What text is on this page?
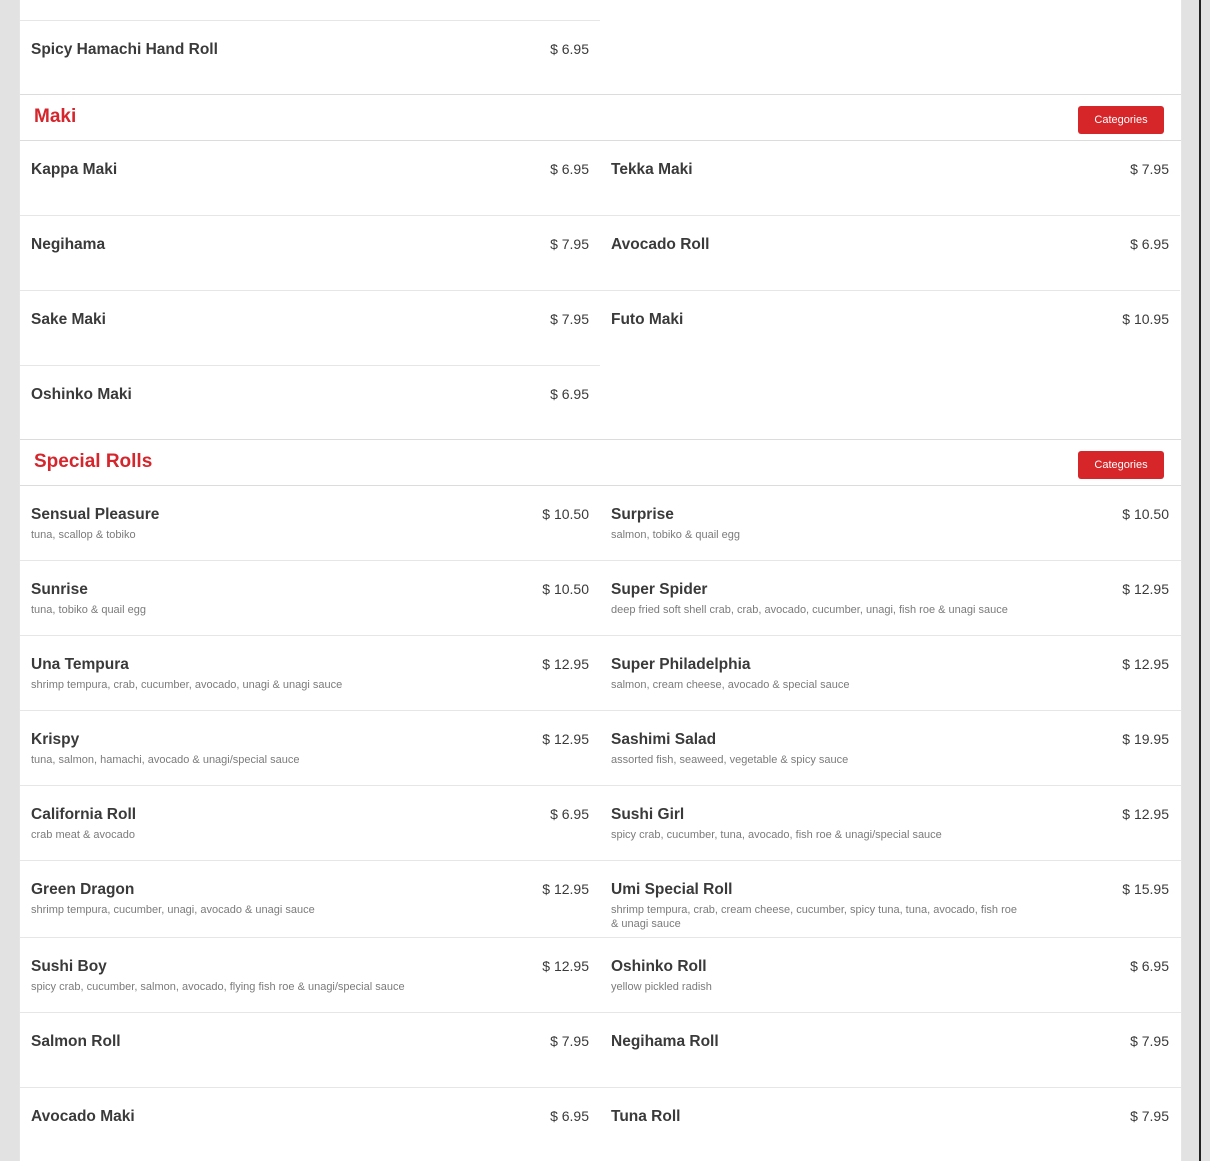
Spicy Hamachi Hand Roll	$ 6.95
Maki	Categories
Kappa Maki	$ 6.95 Tekka Maki	$ 7.95
Negihama	$ 7.95 Avocado Roll	$ 6.95
Sake Maki	$ 7.95 Futo Maki	$ 10.95
Oshinko Maki	$ 6.95
Special Rolls	Categories
Sensual Pleasure	$ 10.50
tuna, scallop & tobiko
Surprise	$ 10.50
salmon, tobiko & quail egg
Sunrise	$ 10.50
tuna, tobiko & quail egg
Super Spider	$ 12.95
deep fried soft shell crab, crab, avocado, cucumber, unagi, fish roe & unagi sauce
Una Tempura	$ 12.95
shrimp tempura, crab, cucumber, avocado, unagi & unagi sauce
Super Philadelphia	$ 12.95
salmon, cream cheese, avocado & special sauce
Krispy	$ 12.95
tuna, salmon, hamachi, avocado & unagi/special sauce
Sashimi Salad	$ 19.95
assorted fish, seaweed, vegetable & spicy sauce
California Roll	$ 6.95
crab meat & avocado
Sushi Girl	$ 12.95
spicy crab, cucumber, tuna, avocado, fish roe & unagi/special sauce
Green Dragon	$ 12.95
shrimp tempura, cucumber, unagi, avocado & unagi sauce
Umi Special Roll	$ 15.95
shrimp tempura, crab, cream cheese, cucumber, spicy tuna, tuna, avocado, fish roe & unagi sauce
Sushi Boy	$ 12.95
spicy crab, cucumber, salmon, avocado, flying fish roe & unagi/special sauce
Oshinko Roll	$ 6.95
yellow pickled radish
Salmon Roll	$ 7.95 Negihama Roll	$ 7.95
Avocado Maki	$ 6.95 Tuna Roll	$ 7.95
